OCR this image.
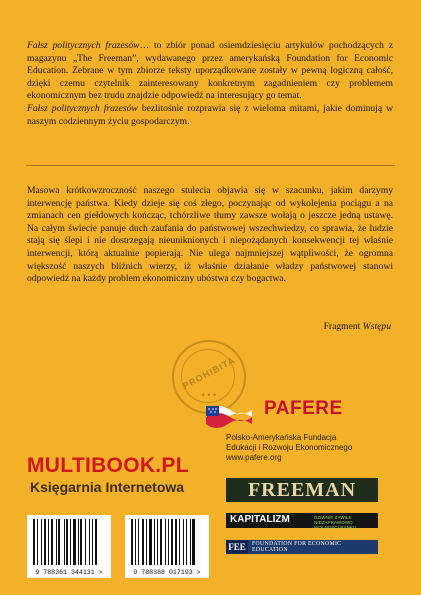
Fałsz politycznych frazesów… to zbiór ponad osiemdziesięciu artykułów pochodzących z magazynu „The Freeman”, wydawanego przez amerykańską Foundation for Economic Education. Zebrane w tym zbiorze teksty uporządkowane zostały w pewną logiczną całość, dzięki czemu czytelnik zainteresowany konkretnym zagadnieniem czy problemem ekonomicznym bez trudu znajdzie odpowiedź na interesujący go temat.
Fałsz politycznych frazesów bezlitośnie rozprawia się z wieloma mitami, jakie dominują w naszym codziennym życiu gospodarczym.

Masowa krótkowzroczność naszego stulecia objawia się w szacunku, jakim darzymy interwencję państwa. Kiedy dzieje się coś złego, poczynając od wykolejenia pociągu a na zmianach cen giełdowych kończąc, tchórzliwe tłumy zawsze wołają o jeszcze jedną ustawę. Na całym świecie panuje duch zaufania do państwowej wszechwiedzy, co sprawia, że ludzie stają się ślepi i nie dostrzegają nieuniknionych i niepożądanych konsekwencji tej właśnie interwencji, którą aktualnie popierają. Nie ulega najmniejszej wątpliwości, że ogromna większość naszych bliźnich wierzy, iż właśnie działanie władzy państwowej stanowi odpowiedź na każdy problem ekonomiczny ubóstwa czy bogactwa.

Fragment Wstępu
PROHIBITA
• • •
PAFERE
Polsko-Amerykańska Fundacja
Edukacji i Rozwoju Ekonomicznego
www.pafere.org
MULTIBOOK.PL
Księgarnia Internetowa	FREEMAN
9 788361 344131 >	9 788388 017193 >
KAPITALIZM	DZIWNIE ZAWIŁE NIEZAPRAWOWO WOLNOŚCI RYNKU
FEE	FOUNDATION FOR ECONOMIC EDUCATION
